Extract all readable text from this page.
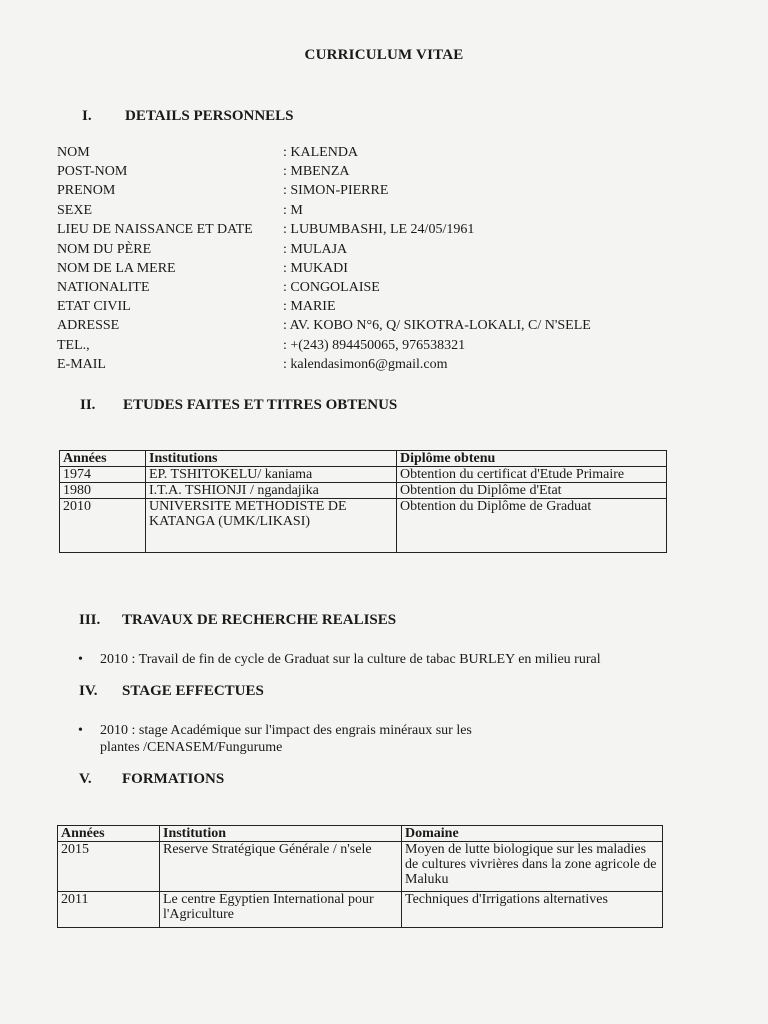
CURRICULUM VITAE
I. DETAILS PERSONNELS
NOM	: KALENDA
POST-NOM	: MBENZA
PRENOM	: SIMON-PIERRE
SEXE	: M
LIEU DE NAISSANCE ET DATE : LUBUMBASHI, LE 24/05/1961
NOM DU PÈRE	: MULAJA
NOM DE LA MERE	: MUKADI
NATIONALITE	: CONGOLAISE
ETAT CIVIL	: MARIE
ADRESSE	: AV. KOBO N°6, Q/ SIKOTRA-LOKALI, C/ N'SELE
TEL.,	: +(243) 894450065, 976538321
E-MAIL	: kalendasimon6@gmail.com
II. ETUDES FAITES ET TITRES OBTENUS
Années	Institutions	Diplôme obtenu
1974	EP. TSHITOKELU/ kaniama	Obtention du certificat d'Etude Primaire
1980	I.T.A. TSHIONJI / ngandajika	Obtention du Diplôme d'Etat
2010	UNIVERSITE METHODISTE DE KATANGA (UMK/LIKASI)	Obtention du Diplôme de Graduat
III. TRAVAUX DE RECHERCHE REALISES
• 2010 : Travail de fin de cycle de Graduat sur la culture de tabac BURLEY en milieu rural
IV. STAGE EFFECTUES
• 2010 : stage Académique sur l'impact des engrais minéraux sur les plantes /CENASEM/Fungurume
V. FORMATIONS
Années	Institution	Domaine
2015	Reserve Stratégique Générale / n'sele	Moyen de lutte biologique sur les maladies de cultures vivrières dans la zone agricole de Maluku
2011	Le centre Egyptien International pour l'Agriculture	Techniques d'Irrigations alternatives
